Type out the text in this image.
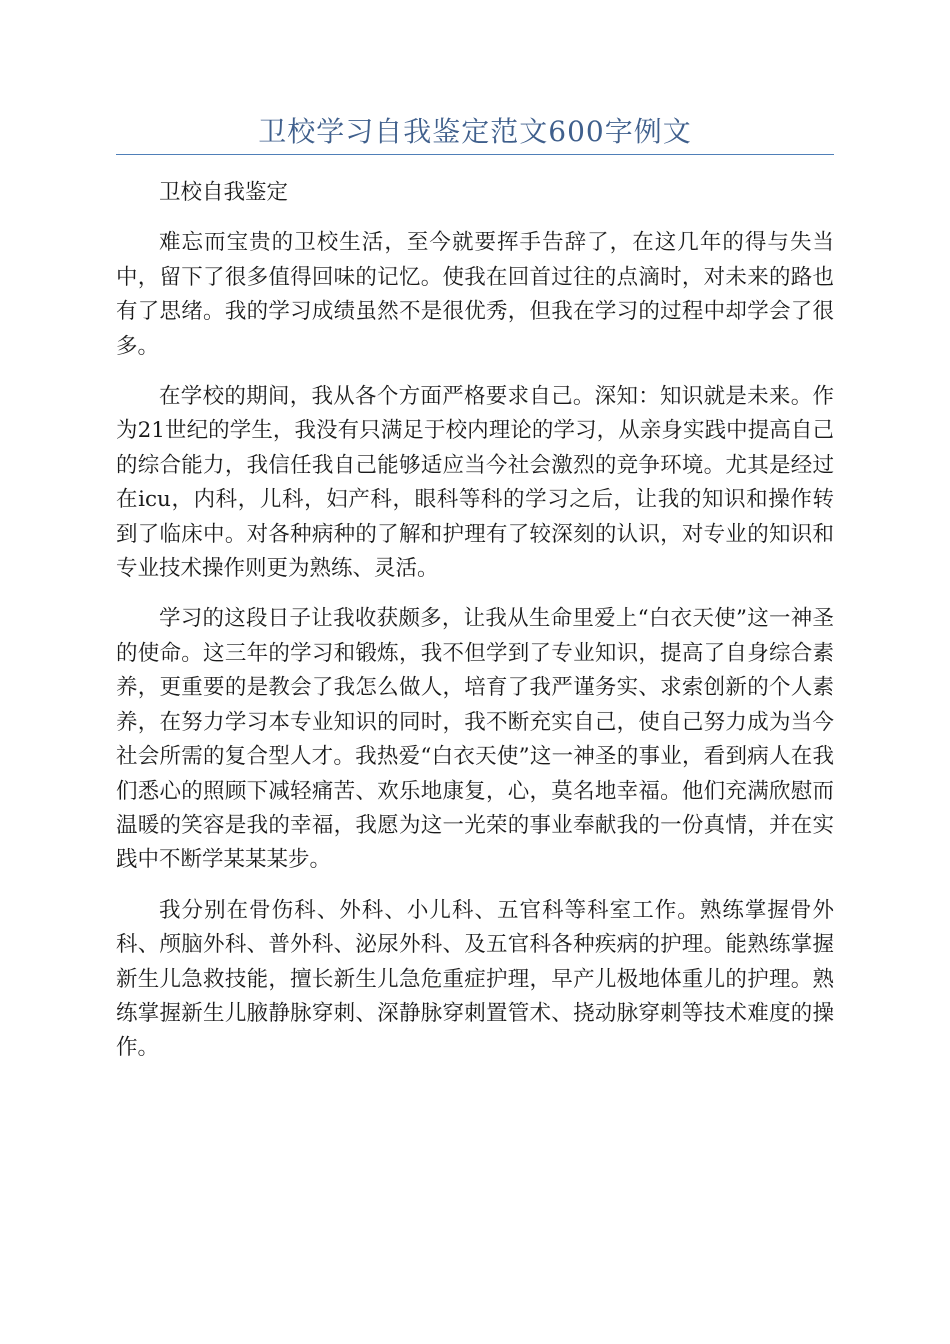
卫校学习自我鉴定范文600字例文

卫校自我鉴定

难忘而宝贵的卫校生活，至今就要挥手告辞了，在这几年的得与失当中，留下了很多值得回味的记忆。使我在回首过往的点滴时，对未来的路也有了思绪。我的学习成绩虽然不是很优秀，但我在学习的过程中却学会了很多。

在学校的期间，我从各个方面严格要求自己。深知：知识就是未来。作为21世纪的学生，我没有只满足于校内理论的学习，从亲身实践中提高自己的综合能力，我信任我自己能够适应当今社会激烈的竞争环境。尤其是经过在icu，内科，儿科，妇产科，眼科等科的学习之后，让我的知识和操作转到了临床中。对各种病种的了解和护理有了较深刻的认识，对专业的知识和专业技术操作则更为熟练、灵活。

学习的这段日子让我收获颇多，让我从生命里爱上“白衣天使”这一神圣的使命。这三年的学习和锻炼，我不但学到了专业知识，提高了自身综合素养，更重要的是教会了我怎么做人，培育了我严谨务实、求索创新的个人素养，在努力学习本专业知识的同时，我不断充实自己，使自己努力成为当今社会所需的复合型人才。我热爱“白衣天使”这一神圣的事业，看到病人在我们悉心的照顾下减轻痛苦、欢乐地康复，心，莫名地幸福。他们充满欣慰而温暖的笑容是我的幸福，我愿为这一光荣的事业奉献我的一份真情，并在实践中不断学某某某步。

我分别在骨伤科、外科、小儿科、五官科等科室工作。熟练掌握骨外科、颅脑外科、普外科、泌尿外科、及五官科各种疾病的护理。能熟练掌握新生儿急救技能，擅长新生儿急危重症护理，早产儿极地体重儿的护理。熟练掌握新生儿腋静脉穿刺、深静脉穿刺置管术、挠动脉穿刺等技术难度的操作。
